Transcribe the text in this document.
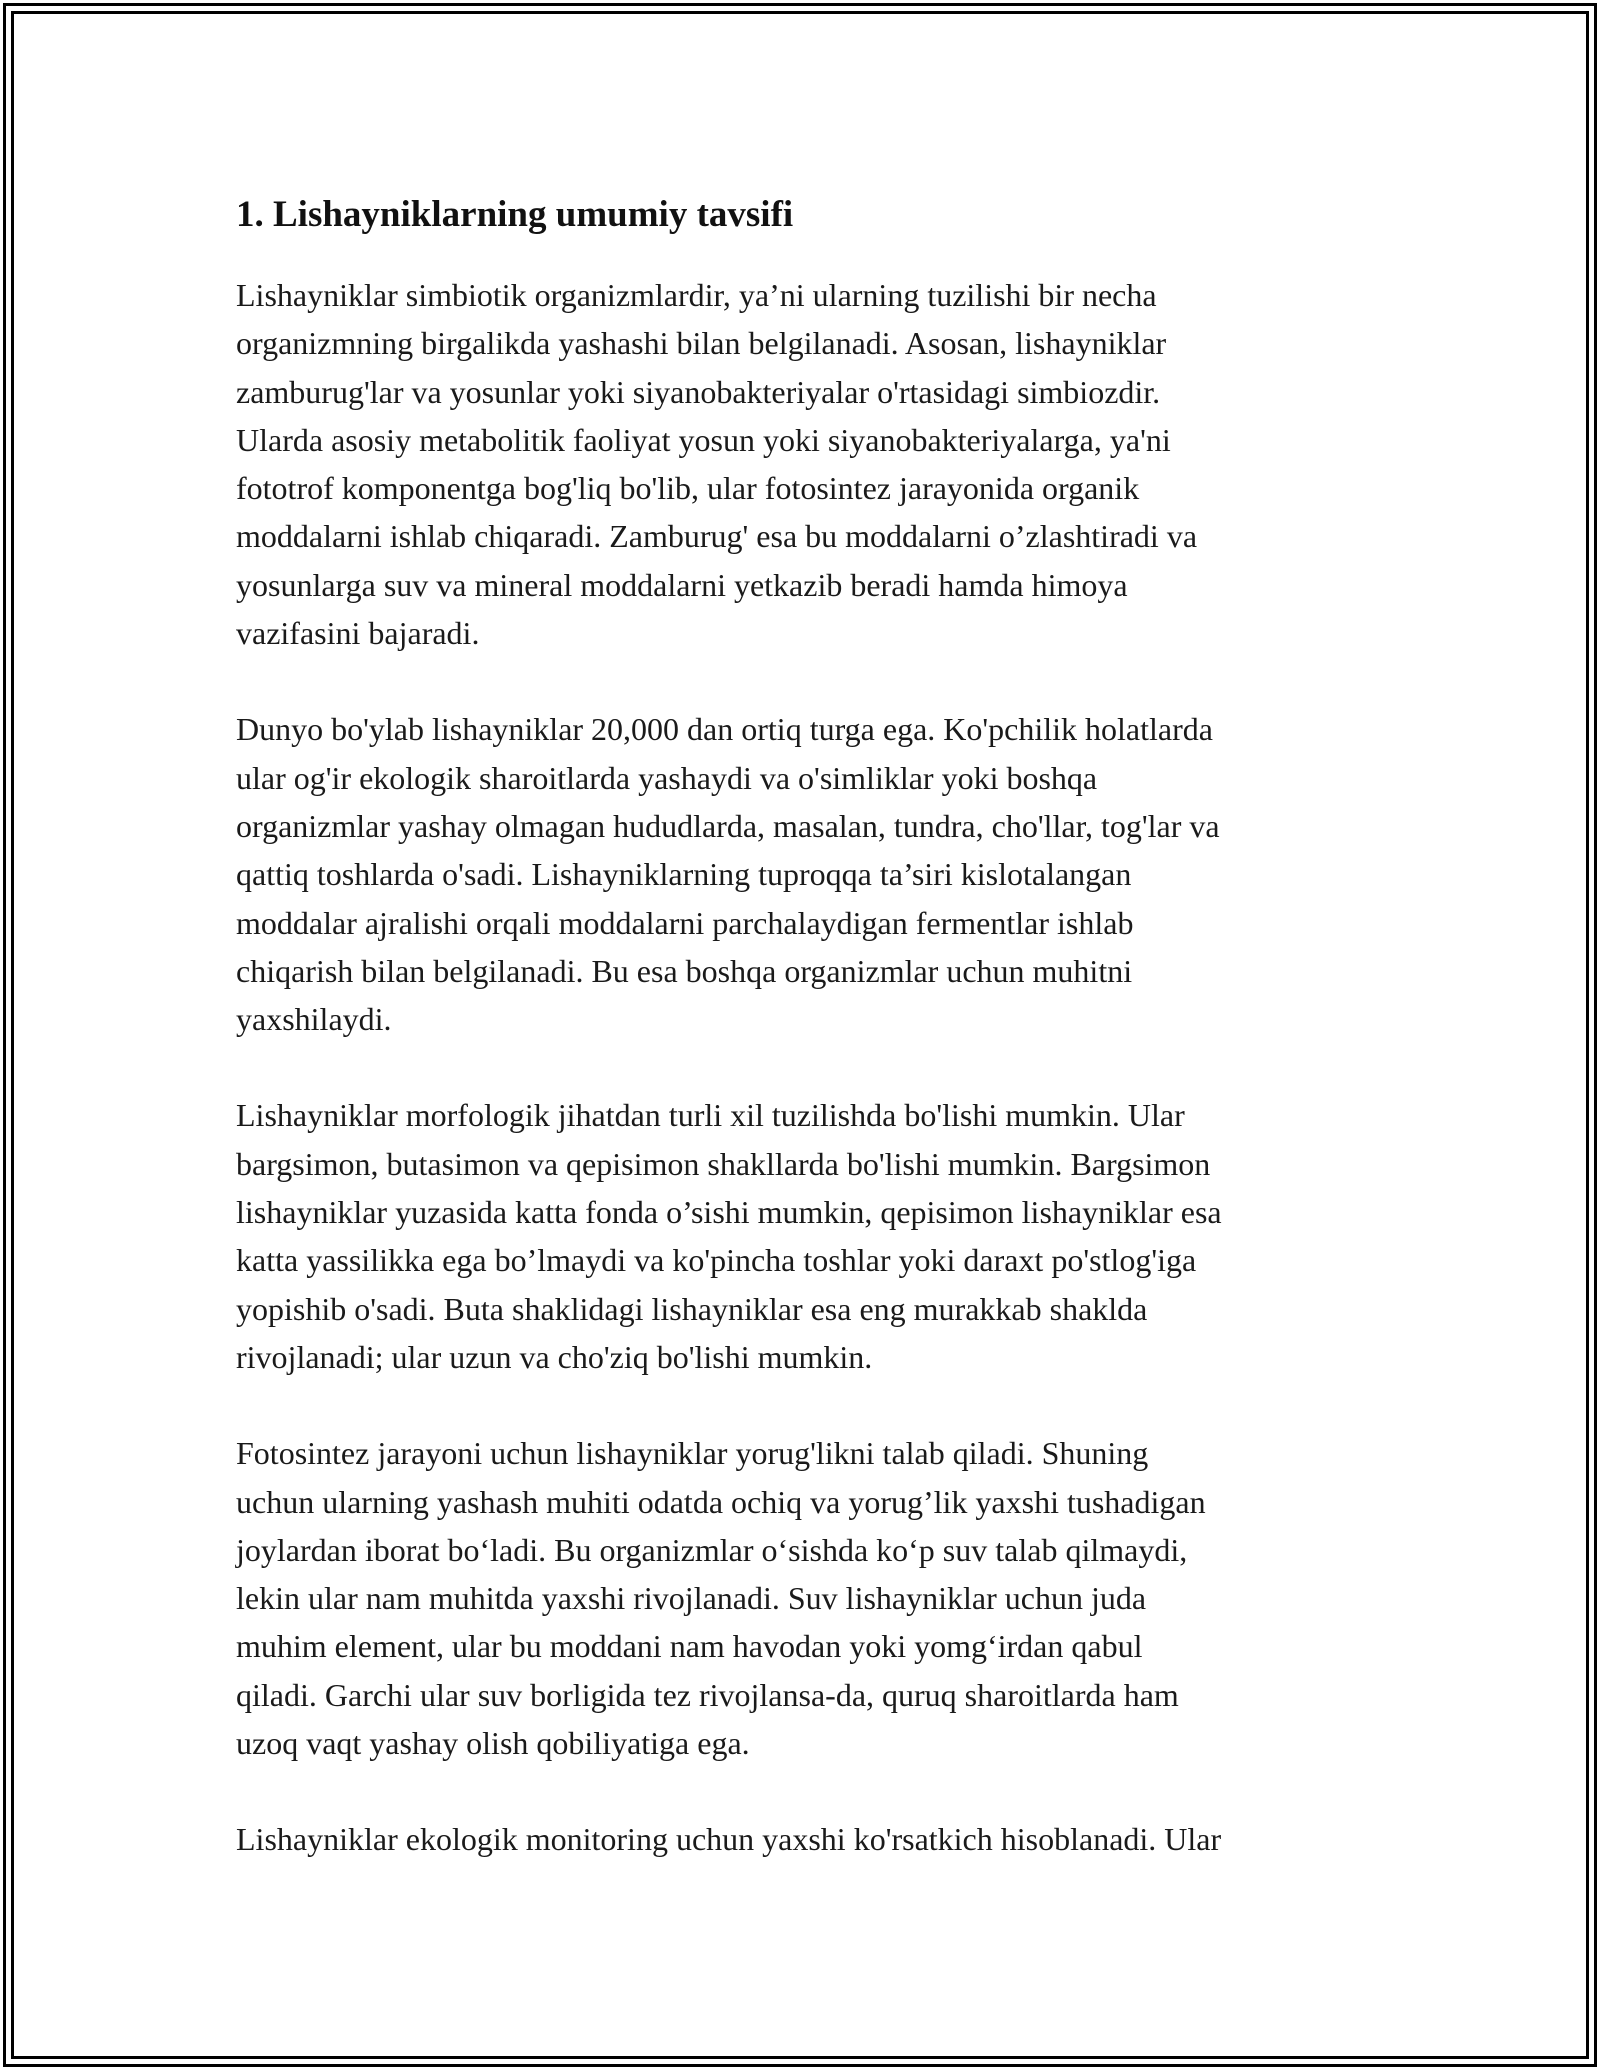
1. Lishayniklarning umumiy tavsifi

Lishayniklar simbiotik organizmlardir, ya’ni ularning tuzilishi bir necha
organizmning birgalikda yashashi bilan belgilanadi. Asosan, lishayniklar
zamburug'lar va yosunlar yoki siyanobakteriyalar o'rtasidagi simbiozdir.
Ularda asosiy metabolitik faoliyat yosun yoki siyanobakteriyalarga, ya'ni
fototrof komponentga bog'liq bo'lib, ular fotosintez jarayonida organik
moddalarni ishlab chiqaradi. Zamburug' esa bu moddalarni o’zlashtiradi va
yosunlarga suv va mineral moddalarni yetkazib beradi hamda himoya
vazifasini bajaradi.

Dunyo bo'ylab lishayniklar 20,000 dan ortiq turga ega. Ko'pchilik holatlarda
ular og'ir ekologik sharoitlarda yashaydi va o'simliklar yoki boshqa
organizmlar yashay olmagan hududlarda, masalan, tundra, cho'llar, tog'lar va
qattiq toshlarda o'sadi. Lishayniklarning tuproqqa ta’siri kislotalangan
moddalar ajralishi orqali moddalarni parchalaydigan fermentlar ishlab
chiqarish bilan belgilanadi. Bu esa boshqa organizmlar uchun muhitni
yaxshilaydi.

Lishayniklar morfologik jihatdan turli xil tuzilishda bo'lishi mumkin. Ular
bargsimon, butasimon va qepisimon shakllarda bo'lishi mumkin. Bargsimon
lishayniklar yuzasida katta fonda o’sishi mumkin, qepisimon lishayniklar esa
katta yassilikka ega bo’lmaydi va ko'pincha toshlar yoki daraxt po'stlog'iga
yopishib o'sadi. Buta shaklidagi lishayniklar esa eng murakkab shaklda
rivojlanadi; ular uzun va cho'ziq bo'lishi mumkin.

Fotosintez jarayoni uchun lishayniklar yorug'likni talab qiladi. Shuning
uchun ularning yashash muhiti odatda ochiq va yorug’lik yaxshi tushadigan
joylardan iborat bo‘ladi. Bu organizmlar o‘sishda ko‘p suv talab qilmaydi,
lekin ular nam muhitda yaxshi rivojlanadi. Suv lishayniklar uchun juda
muhim element, ular bu moddani nam havodan yoki yomg‘irdan qabul
qiladi. Garchi ular suv borligida tez rivojlansa-da, quruq sharoitlarda ham
uzoq vaqt yashay olish qobiliyatiga ega.

Lishayniklar ekologik monitoring uchun yaxshi ko'rsatkich hisoblanadi. Ular
